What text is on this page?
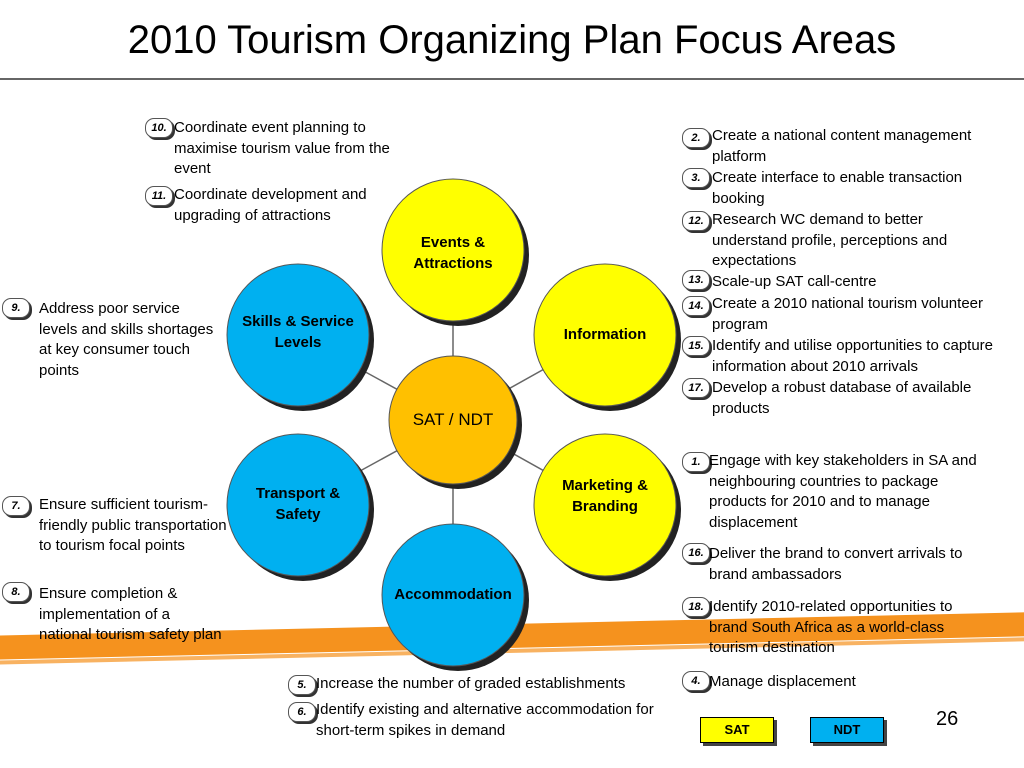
2010 Tourism Organizing Plan Focus Areas
Events & Attractions
Information
Marketing & Branding
Accommodation
Transport & Safety
Skills & Service Levels
SAT / NDT
10. Coordinate event planning to maximise tourism value from the event
11. Coordinate development and upgrading of attractions
2. Create a national content management platform
3. Create interface to enable transaction booking
12. Research WC demand to better understand profile, perceptions and expectations
13. Scale-up SAT call-centre
14. Create a 2010 national tourism volunteer program
15. Identify and utilise opportunities to capture information about 2010 arrivals
17. Develop a robust database of available products
9.	Address poor service levels and skills shortages at key consumer touch points
1. Engage with key stakeholders in SA and neighbouring countries to package products for 2010 and to manage displacement
16. Deliver the brand to convert arrivals to brand ambassadors
18. Identify 2010-related opportunities to brand South Africa as a world-class tourism destination
4. Manage displacement
7.	Ensure sufficient tourism-friendly public transportation to tourism focal points
8.	Ensure completion & implementation of a national tourism safety plan
5. Increase the number of graded establishments
6. Identify existing and alternative accommodation for short-term spikes in demand	26
SAT	NDT
